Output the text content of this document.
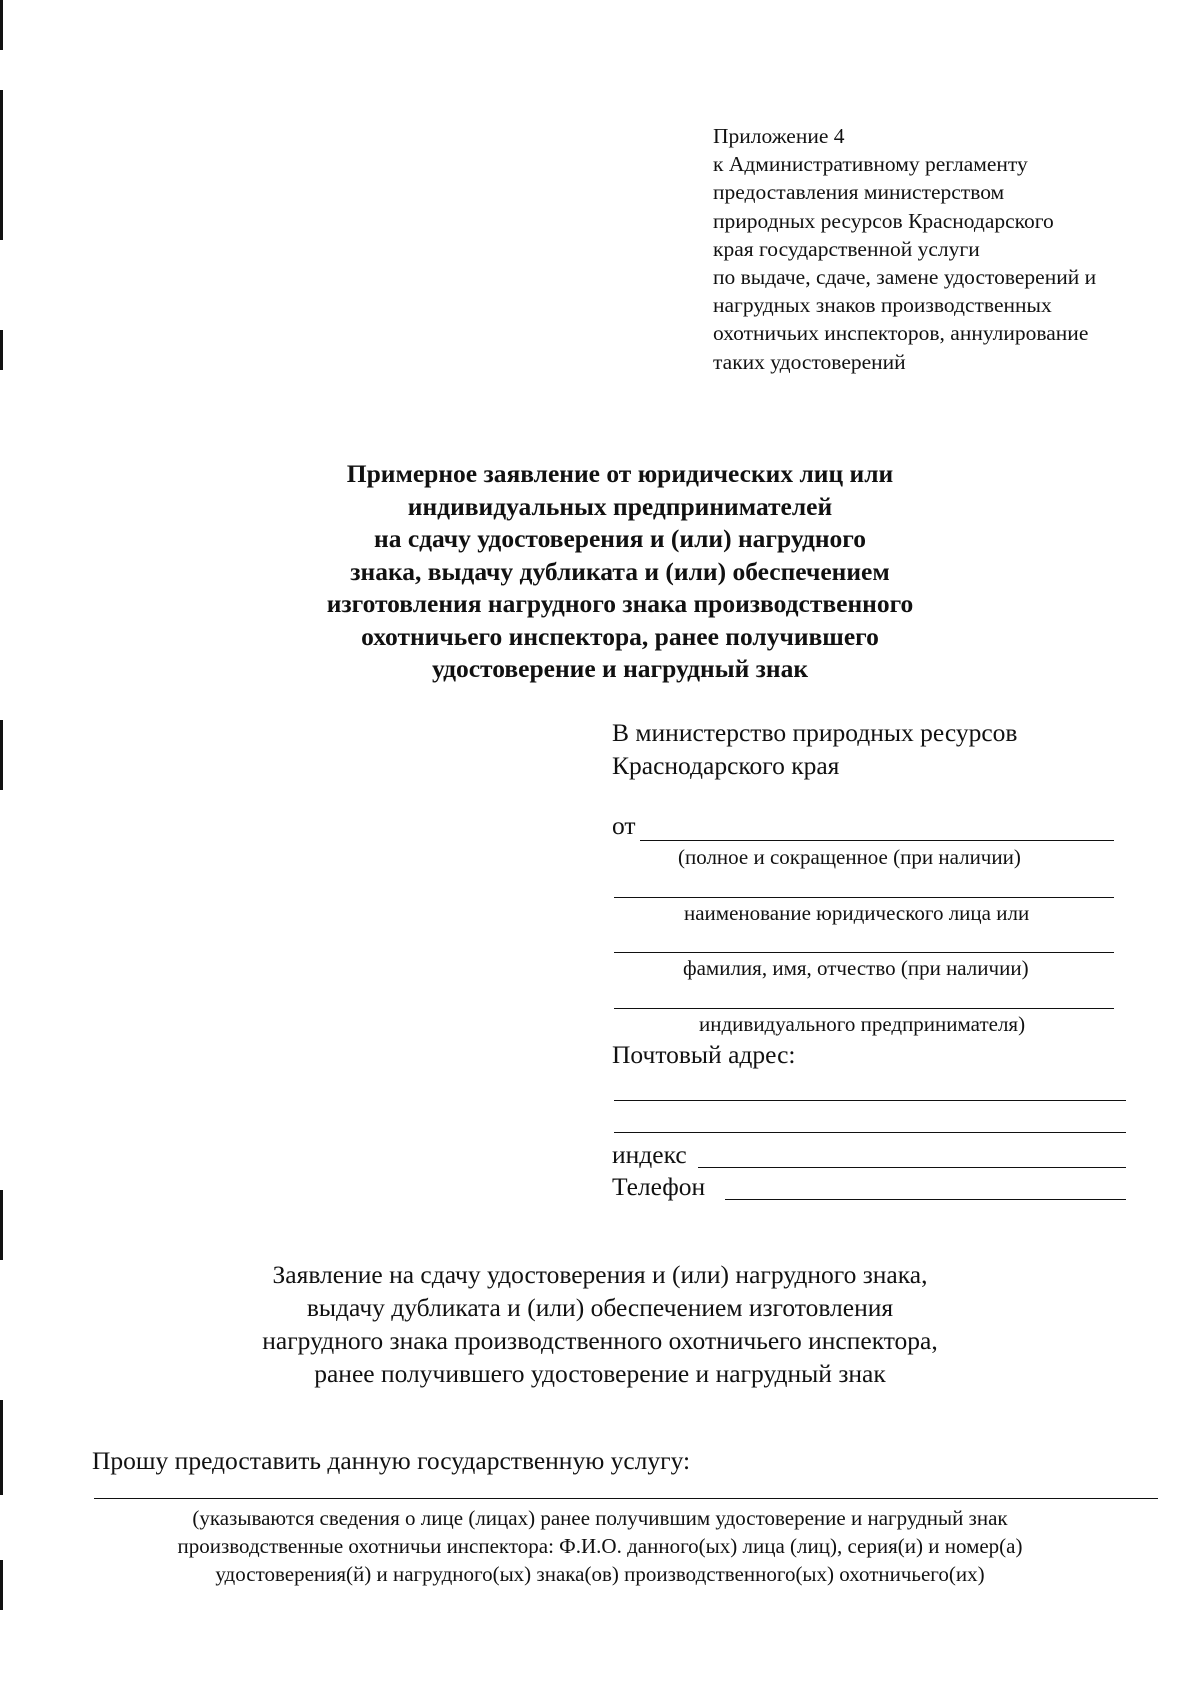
Приложение 4
к Административному регламенту
предоставления министерством
природных ресурсов Краснодарского
края государственной услуги
по выдаче, сдаче, замене удостоверений и
нагрудных знаков производственных
охотничьих инспекторов, аннулирование
таких удостоверений
Примерное заявление от юридических лиц или
индивидуальных предпринимателей
на сдачу удостоверения и (или) нагрудного
знака, выдачу дубликата и (или) обеспечением
изготовления нагрудного знака производственного
охотничьего инспектора, ранее получившего
удостоверение и нагрудный знак
В министерство природных ресурсов
Краснодарского края
от
(полное и сокращенное (при наличии)
наименование юридического лица или
фамилия, имя, отчество (при наличии)
индивидуального предпринимателя)
Почтовый адрес:
индекс
Телефон
Заявление на сдачу удостоверения и (или) нагрудного знака,
выдачу дубликата и (или) обеспечением изготовления
нагрудного знака производственного охотничьего инспектора,
ранее получившего удостоверение и нагрудный знак
Прошу предоставить данную государственную услугу:
(указываются сведения о лице (лицах) ранее получившим удостоверение и нагрудный знак
производственные охотничьи инспектора: Ф.И.О. данного(ых) лица (лиц), серия(и) и номер(а)
удостоверения(й) и нагрудного(ых) знака(ов) производственного(ых) охотничьего(их)
